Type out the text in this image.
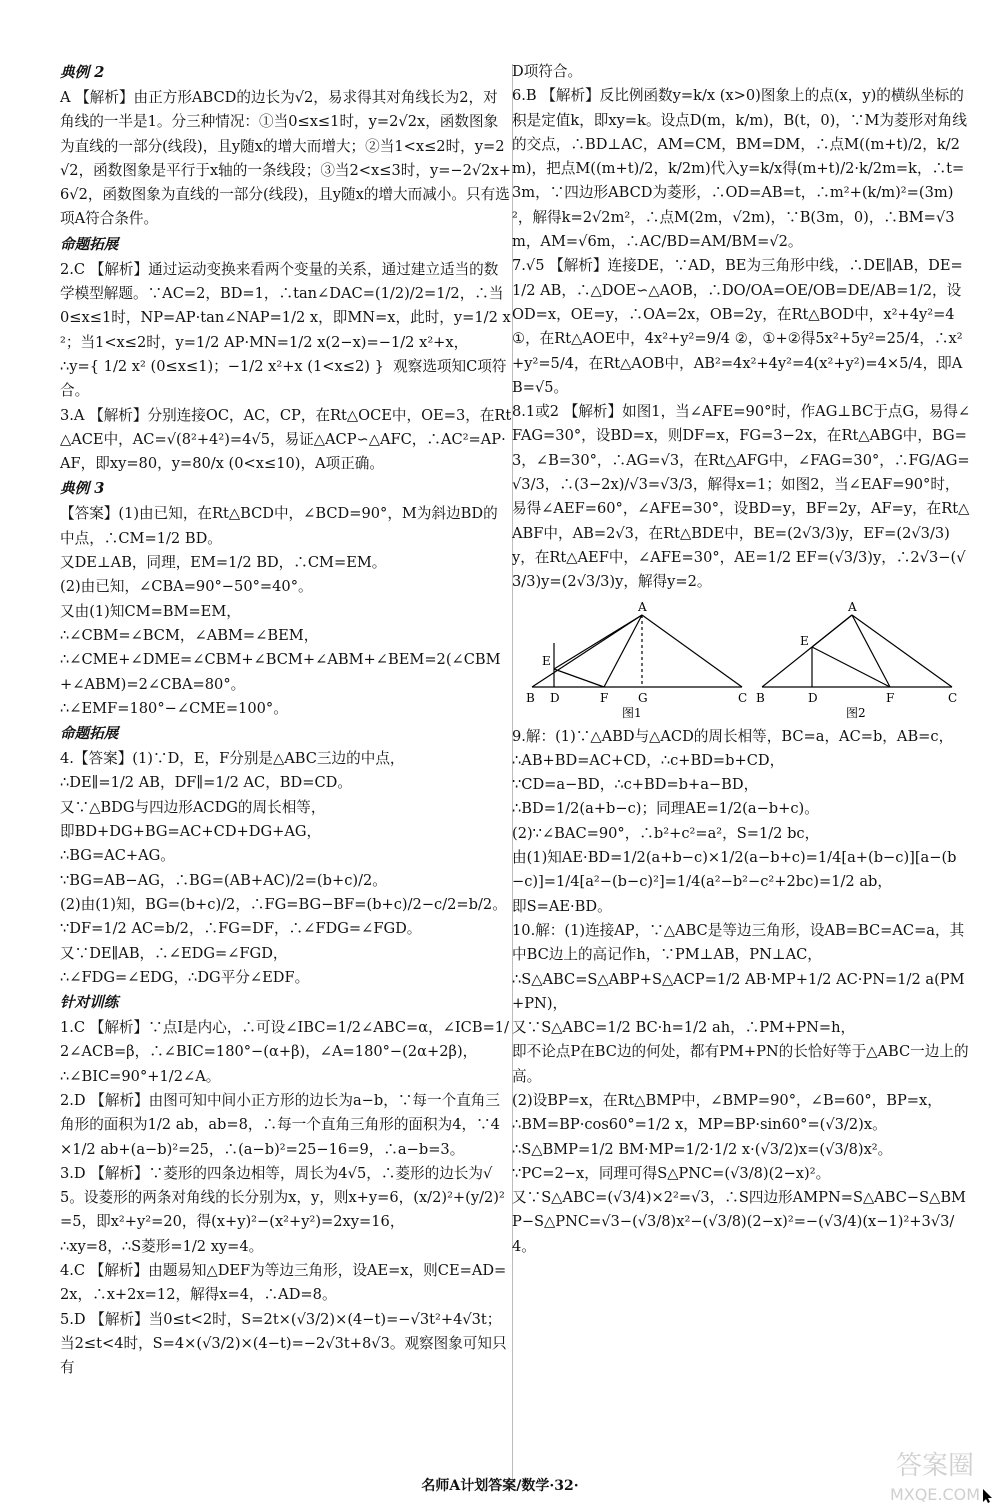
典例 2
A 【解析】由正方形ABCD的边长为√2，易求得其对角线长为2，对角线的一半是1。分三种情况：①当0≤x≤1时，y=2√2x，函数图象为直线的一部分(线段)，且y随x的增大而增大；②当1<x≤2时，y=2√2，函数图象是平行于x轴的一条线段；③当2<x≤3时，y=−2√2x+6√2，函数图象为直线的一部分(线段)，且y随x的增大而减小。只有选项A符合条件。
命题拓展
2.C 【解析】通过运动变换来看两个变量的关系，通过建立适当的数学模型解题。∵AC=2，BD=1，∴tan∠DAC=(1/2)/2=1/2，∴当0≤x≤1时，NP=AP·tan∠NAP=1/2 x，即MN=x，此时，y=1/2 x²；当1<x≤2时，y=1/2 AP·MN=1/2 x(2−x)=−1/2 x²+x，
∴y={ 1/2 x² (0≤x≤1)；−1/2 x²+x (1<x≤2) }  观察选项知C项符合。
3.A 【解析】分别连接OC，AC，CP，在Rt△OCE中，OE=3，在Rt△ACE中，AC=√(8²+4²)=4√5，易证△ACP∽△AFC，∴AC²=AP·AF，即xy=80，y=80/x (0<x≤10)，A项正确。
典例 3
【答案】(1)由已知，在Rt△BCD中，∠BCD=90°，M为斜边BD的中点，∴CM=1/2 BD。
又DE⊥AB，同理，EM=1/2 BD，∴CM=EM。
(2)由已知，∠CBA=90°−50°=40°。
又由(1)知CM=BM=EM，
∴∠CBM=∠BCM，∠ABM=∠BEM，
∴∠CME+∠DME=∠CBM+∠BCM+∠ABM+∠BEM=2(∠CBM+∠ABM)=2∠CBA=80°。
∴∠EMF=180°−∠CME=100°。
命题拓展
4.【答案】(1)∵D，E，F分别是△ABC三边的中点，
∴DE∥=1/2 AB，DF∥=1/2 AC，BD=CD。
又∵△BDG与四边形ACDG的周长相等，
即BD+DG+BG=AC+CD+DG+AG，
∴BG=AC+AG。
∵BG=AB−AG，∴BG=(AB+AC)/2=(b+c)/2。
(2)由(1)知，BG=(b+c)/2，∴FG=BG−BF=(b+c)/2−c/2=b/2。
∵DF=1/2 AC=b/2，∴FG=DF，∴∠FDG=∠FGD。
又∵DE∥AB，∴∠EDG=∠FGD，
∴∠FDG=∠EDG，∴DG平分∠EDF。
针对训练
1.C 【解析】∵点I是内心，∴可设∠IBC=1/2∠ABC=α，∠ICB=1/2∠ACB=β，∴∠BIC=180°−(α+β)，∠A=180°−(2α+2β)，
∴∠BIC=90°+1/2∠A。
2.D 【解析】由图可知中间小正方形的边长为a−b，∵每一个直角三角形的面积为1/2 ab，ab=8，∴每一个直角三角形的面积为4，∵4×1/2 ab+(a−b)²=25，∴(a−b)²=25−16=9，∴a−b=3。
3.D 【解析】∵菱形的四条边相等，周长为4√5，∴菱形的边长为√5。设菱形的两条对角线的长分别为x，y，则x+y=6，(x/2)²+(y/2)²=5，即x²+y²=20，得(x+y)²−(x²+y²)=2xy=16，
∴xy=8，∴S菱形=1/2 xy=4。
4.C 【解析】由题易知△DEF为等边三角形，设AE=x，则CE=AD=2x，∴x+2x=12，解得x=4，∴AD=8。
5.D 【解析】当0≤t<2时，S=2t×(√3/2)×(4−t)=−√3t²+4√3t；当2≤t<4时，S=4×(√3/2)×(4−t)=−2√3t+8√3。观察图象可知只有
D项符合。
6.B 【解析】反比例函数y=k/x (x>0)图象上的点(x，y)的横纵坐标的积是定值k，即xy=k。设点D(m，k/m)，B(t，0)，∵M为菱形对角线的交点，∴BD⊥AC，AM=CM，BM=DM，∴点M((m+t)/2，k/2m)，把点M((m+t)/2，k/2m)代入y=k/x得(m+t)/2·k/2m=k，∴t=3m，∵四边形ABCD为菱形，∴OD=AB=t，∴m²+(k/m)²=(3m)²，解得k=2√2m²，∴点M(2m，√2m)，∵B(3m，0)，∴BM=√3m，AM=√6m，∴AC/BD=AM/BM=√2。
7.√5 【解析】连接DE，∵AD，BE为三角形中线，∴DE∥AB，DE=1/2 AB，∴△DOE∽△AOB，∴DO/OA=OE/OB=DE/AB=1/2，设OD=x，OE=y，∴OA=2x，OB=2y，在Rt△BOD中，x²+4y²=4 ①，在Rt△AOE中，4x²+y²=9/4 ②，①+②得5x²+5y²=25/4，∴x²+y²=5/4，在Rt△AOB中，AB²=4x²+4y²=4(x²+y²)=4×5/4，即AB=√5。
8.1或2 【解析】如图1，当∠AFE=90°时，作AG⊥BC于点G，易得∠FAG=30°，设BD=x，则DF=x，FG=3−2x，在Rt△ABG中，BG=3，∠B=30°，∴AG=√3，在Rt△AFG中，∠FAG=30°，∴FG/AG=√3/3，∴(3−2x)/√3=√3/3，解得x=1；如图2，当∠EAF=90°时，易得∠AEF=60°，∠AFE=30°，设BD=y，BF=2y，AF=y，在Rt△ABF中，AB=2√3，在Rt△BDE中，BE=(2√3/3)y，EF=(2√3/3)y，在Rt△AEF中，∠AFE=30°，AE=1/2 EF=(√3/3)y，∴2√3−(√3/3)y=(2√3/3)y，解得y=2。
A
E
B D	F G	C
图1
A
E
B	D	F	C
图2
9.解：(1)∵△ABD与△ACD的周长相等，BC=a，AC=b，AB=c，
∴AB+BD=AC+CD，∴c+BD=b+CD，
∵CD=a−BD，∴c+BD=b+a−BD，
∴BD=1/2(a+b−c)；同理AE=1/2(a−b+c)。
(2)∵∠BAC=90°，∴b²+c²=a²，S=1/2 bc，
由(1)知AE·BD=1/2(a+b−c)×1/2(a−b+c)=1/4[a+(b−c)][a−(b−c)]=1/4[a²−(b−c)²]=1/4(a²−b²−c²+2bc)=1/2 ab，
即S=AE·BD。
10.解：(1)连接AP，∵△ABC是等边三角形，设AB=BC=AC=a，其中BC边上的高记作h，∵PM⊥AB，PN⊥AC，
∴S△ABC=S△ABP+S△ACP=1/2 AB·MP+1/2 AC·PN=1/2 a(PM+PN)，
又∵S△ABC=1/2 BC·h=1/2 ah，∴PM+PN=h，
即不论点P在BC边的何处，都有PM+PN的长恰好等于△ABC一边上的高。
(2)设BP=x，在Rt△BMP中，∠BMP=90°，∠B=60°，BP=x，
∴BM=BP·cos60°=1/2 x，MP=BP·sin60°=(√3/2)x。
∴S△BMP=1/2 BM·MP=1/2·1/2 x·(√3/2)x=(√3/8)x²。
∵PC=2−x，同理可得S△PNC=(√3/8)(2−x)²。
又∵S△ABC=(√3/4)×2²=√3，∴S四边形AMPN=S△ABC−S△BMP−S△PNC=√3−(√3/8)x²−(√3/8)(2−x)²=−(√3/4)(x−1)²+3√3/4。
名师A计划答案/数学·32·
答案圈
MXQE.COM
